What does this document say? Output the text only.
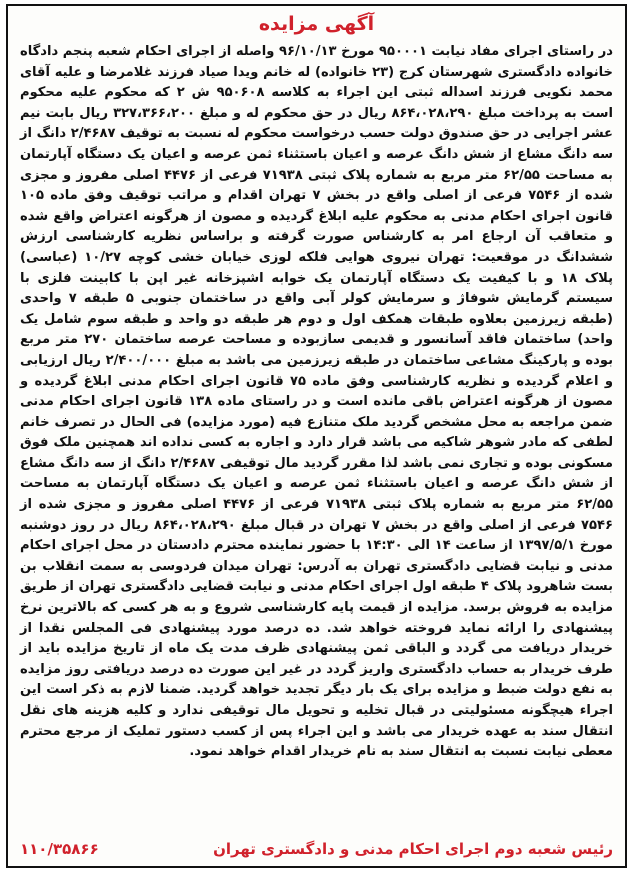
آگهی مزایده

در راستای اجرای مفاد نیابت ۹۵۰۰۰۱ مورخ ۹۶/۱۰/۱۳ واصله از اجرای احکام شعبه پنجم دادگاه خانواده دادگستری شهرستان کرج (۲۳ خانواده) له خانم ویدا صیاد فرزند غلامرضا و علیه آقای محمد نکویی فرزند اسداله ثبتی این اجراء به کلاسه ۹۵۰۶۰۸ ش ۲ که محکوم علیه محکوم است به پرداخت مبلغ ۸۶۴،۰۲۸،۲۹۰ ریال در حق محکوم له و مبلغ ۳۲۷،۳۶۶،۲۰۰ ریال بابت نیم عشر اجرایی در حق صندوق دولت حسب درخواست محکوم له نسبت به توقیف ۲/۴۶۸۷ دانگ از سه دانگ مشاع از شش دانگ عرصه و اعیان باستثناء ثمن عرصه و اعیان یک دستگاه آپارتمان به مساحت ۶۲/۵۵ متر مربع به شماره پلاک ثبتی ۷۱۹۳۸ فرعی از ۴۴۷۶ اصلی مفروز و مجزی شده از ۷۵۴۶ فرعی از اصلی واقع در بخش ۷ تهران اقدام و مراتب توقیف وفق ماده ۱۰۵ قانون اجرای احکام مدنی به محکوم علیه ابلاغ گردیده و مصون از هرگونه اعتراض واقع شده و متعاقب آن ارجاع امر به کارشناس صورت گرفته و براساس نظریه کارشناسی ارزش ششدانگ در موقعیت: تهران نیروی هوایی فلکه لوزی خیابان خشی کوچه ۱۰/۲۷ (عباسی) پلاک ۱۸ و با کیفیت یک دستگاه آپارتمان یک خوابه اشپزخانه غیر اپن با کابینت فلزی با سیستم گرمایش شوفاژ و سرمایش کولر آبی واقع در ساختمان جنوبی ۵ طبقه ۷ واحدی (طبقه زیرزمین بعلاوه طبقات همکف اول و دوم هر طبقه دو واحد و طبقه سوم شامل یک واحد) ساختمان فاقد آسانسور و قدیمی سازبوده و مساحت عرصه ساختمان ۲۷۰ متر مربع بوده و پارکینگ مشاعی ساختمان در طبقه زیرزمین می باشد به مبلغ ۲/۴۰۰/۰۰۰ ریال ارزیابی و اعلام گردیده و نظریه کارشناسی وفق ماده ۷۵ قانون اجرای احکام مدنی ابلاغ گردیده و مصون از هرگونه اعتراض باقی مانده است و در راستای ماده ۱۳۸ قانون اجرای احکام مدنی ضمن مراجعه به محل مشخص گردید ملک متنازع فیه (مورد مزایده) فی الحال در تصرف خانم لطفی که مادر شوهر شاکیه می باشد قرار دارد و اجاره به کسی نداده اند همچنین ملک فوق مسکونی بوده و تجاری نمی باشد لذا مقرر گردید مال توقیفی ۲/۴۶۸۷ دانگ از سه دانگ مشاع از شش دانگ عرصه و اعیان باستثناء ثمن عرصه و اعیان یک دستگاه آپارتمان به مساحت ۶۲/۵۵ متر مربع به شماره پلاک ثبتی ۷۱۹۳۸ فرعی از ۴۴۷۶ اصلی مفروز و مجزی شده از ۷۵۴۶ فرعی از اصلی واقع در بخش ۷ تهران در قبال مبلغ ۸۶۴،۰۲۸،۲۹۰ ریال در روز دوشنبه مورخ ۱۳۹۷/۵/۱ از ساعت ۱۴ الی ۱۴:۳۰ با حضور نماینده محترم دادستان در محل اجرای احکام مدنی و نیابت قضایی دادگستری تهران به آدرس: تهران میدان فردوسی به سمت انقلاب بن بست شاهرود پلاک ۴ طبقه اول اجرای احکام مدنی و نیابت قضایی دادگستری تهران از طریق مزایده به فروش برسد. مزایده از قیمت پایه کارشناسی شروع و به هر کسی که بالاترین نرخ پیشنهادی را ارائه نماید فروخته خواهد شد. ده درصد مورد پیشنهادی فی المجلس نقدا از خریدار دریافت می گردد و الباقی ثمن پیشنهادی ظرف مدت یک ماه از تاریخ مزایده باید از طرف خریدار به حساب دادگستری واریز گردد در غیر این صورت ده درصد دریافتی روز مزایده به نفع دولت ضبط و مزایده برای یک بار دیگر تجدید خواهد گردید. ضمنا لازم به ذکر است این اجراء هیچگونه مسئولیتی در قبال تخلیه و تحویل مال توقیفی ندارد و کلیه هزینه های نقل انتقال سند به عهده خریدار می باشد و این اجراء پس از کسب دستور تملیک از مرجع محترم معطی نیابت نسبت به انتقال سند به نام خریدار اقدام خواهد نمود.

رئیس شعبه دوم اجرای احکام مدنی و دادگستری تهران
۱۱۰/۳۵۸۶۶
